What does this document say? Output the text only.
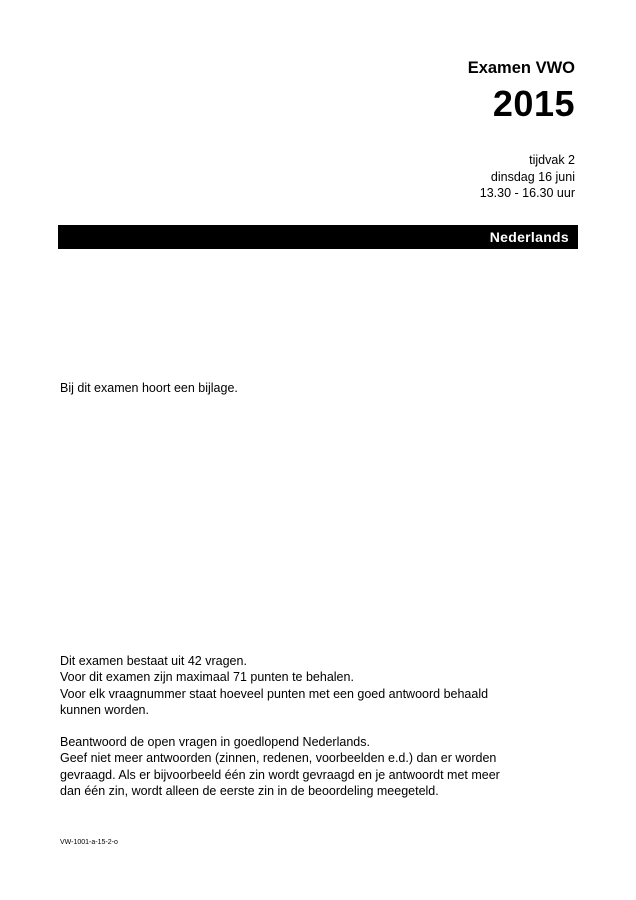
Examen VWO
2015
tijdvak 2
dinsdag 16 juni
13.30 - 16.30 uur
Nederlands
Bij dit examen hoort een bijlage.

Dit examen bestaat uit 42 vragen.

Voor dit examen zijn maximaal 71 punten te behalen.

Voor elk vraagnummer staat hoeveel punten met een goed antwoord behaald

kunnen worden.

Beantwoord de open vragen in goedlopend Nederlands.

Geef niet meer antwoorden (zinnen, redenen, voorbeelden e.d.) dan er worden

gevraagd. Als er bijvoorbeeld één zin wordt gevraagd en je antwoordt met meer

dan één zin, wordt alleen de eerste zin in de beoordeling meegeteld.

VW-1001-a-15-2-o
